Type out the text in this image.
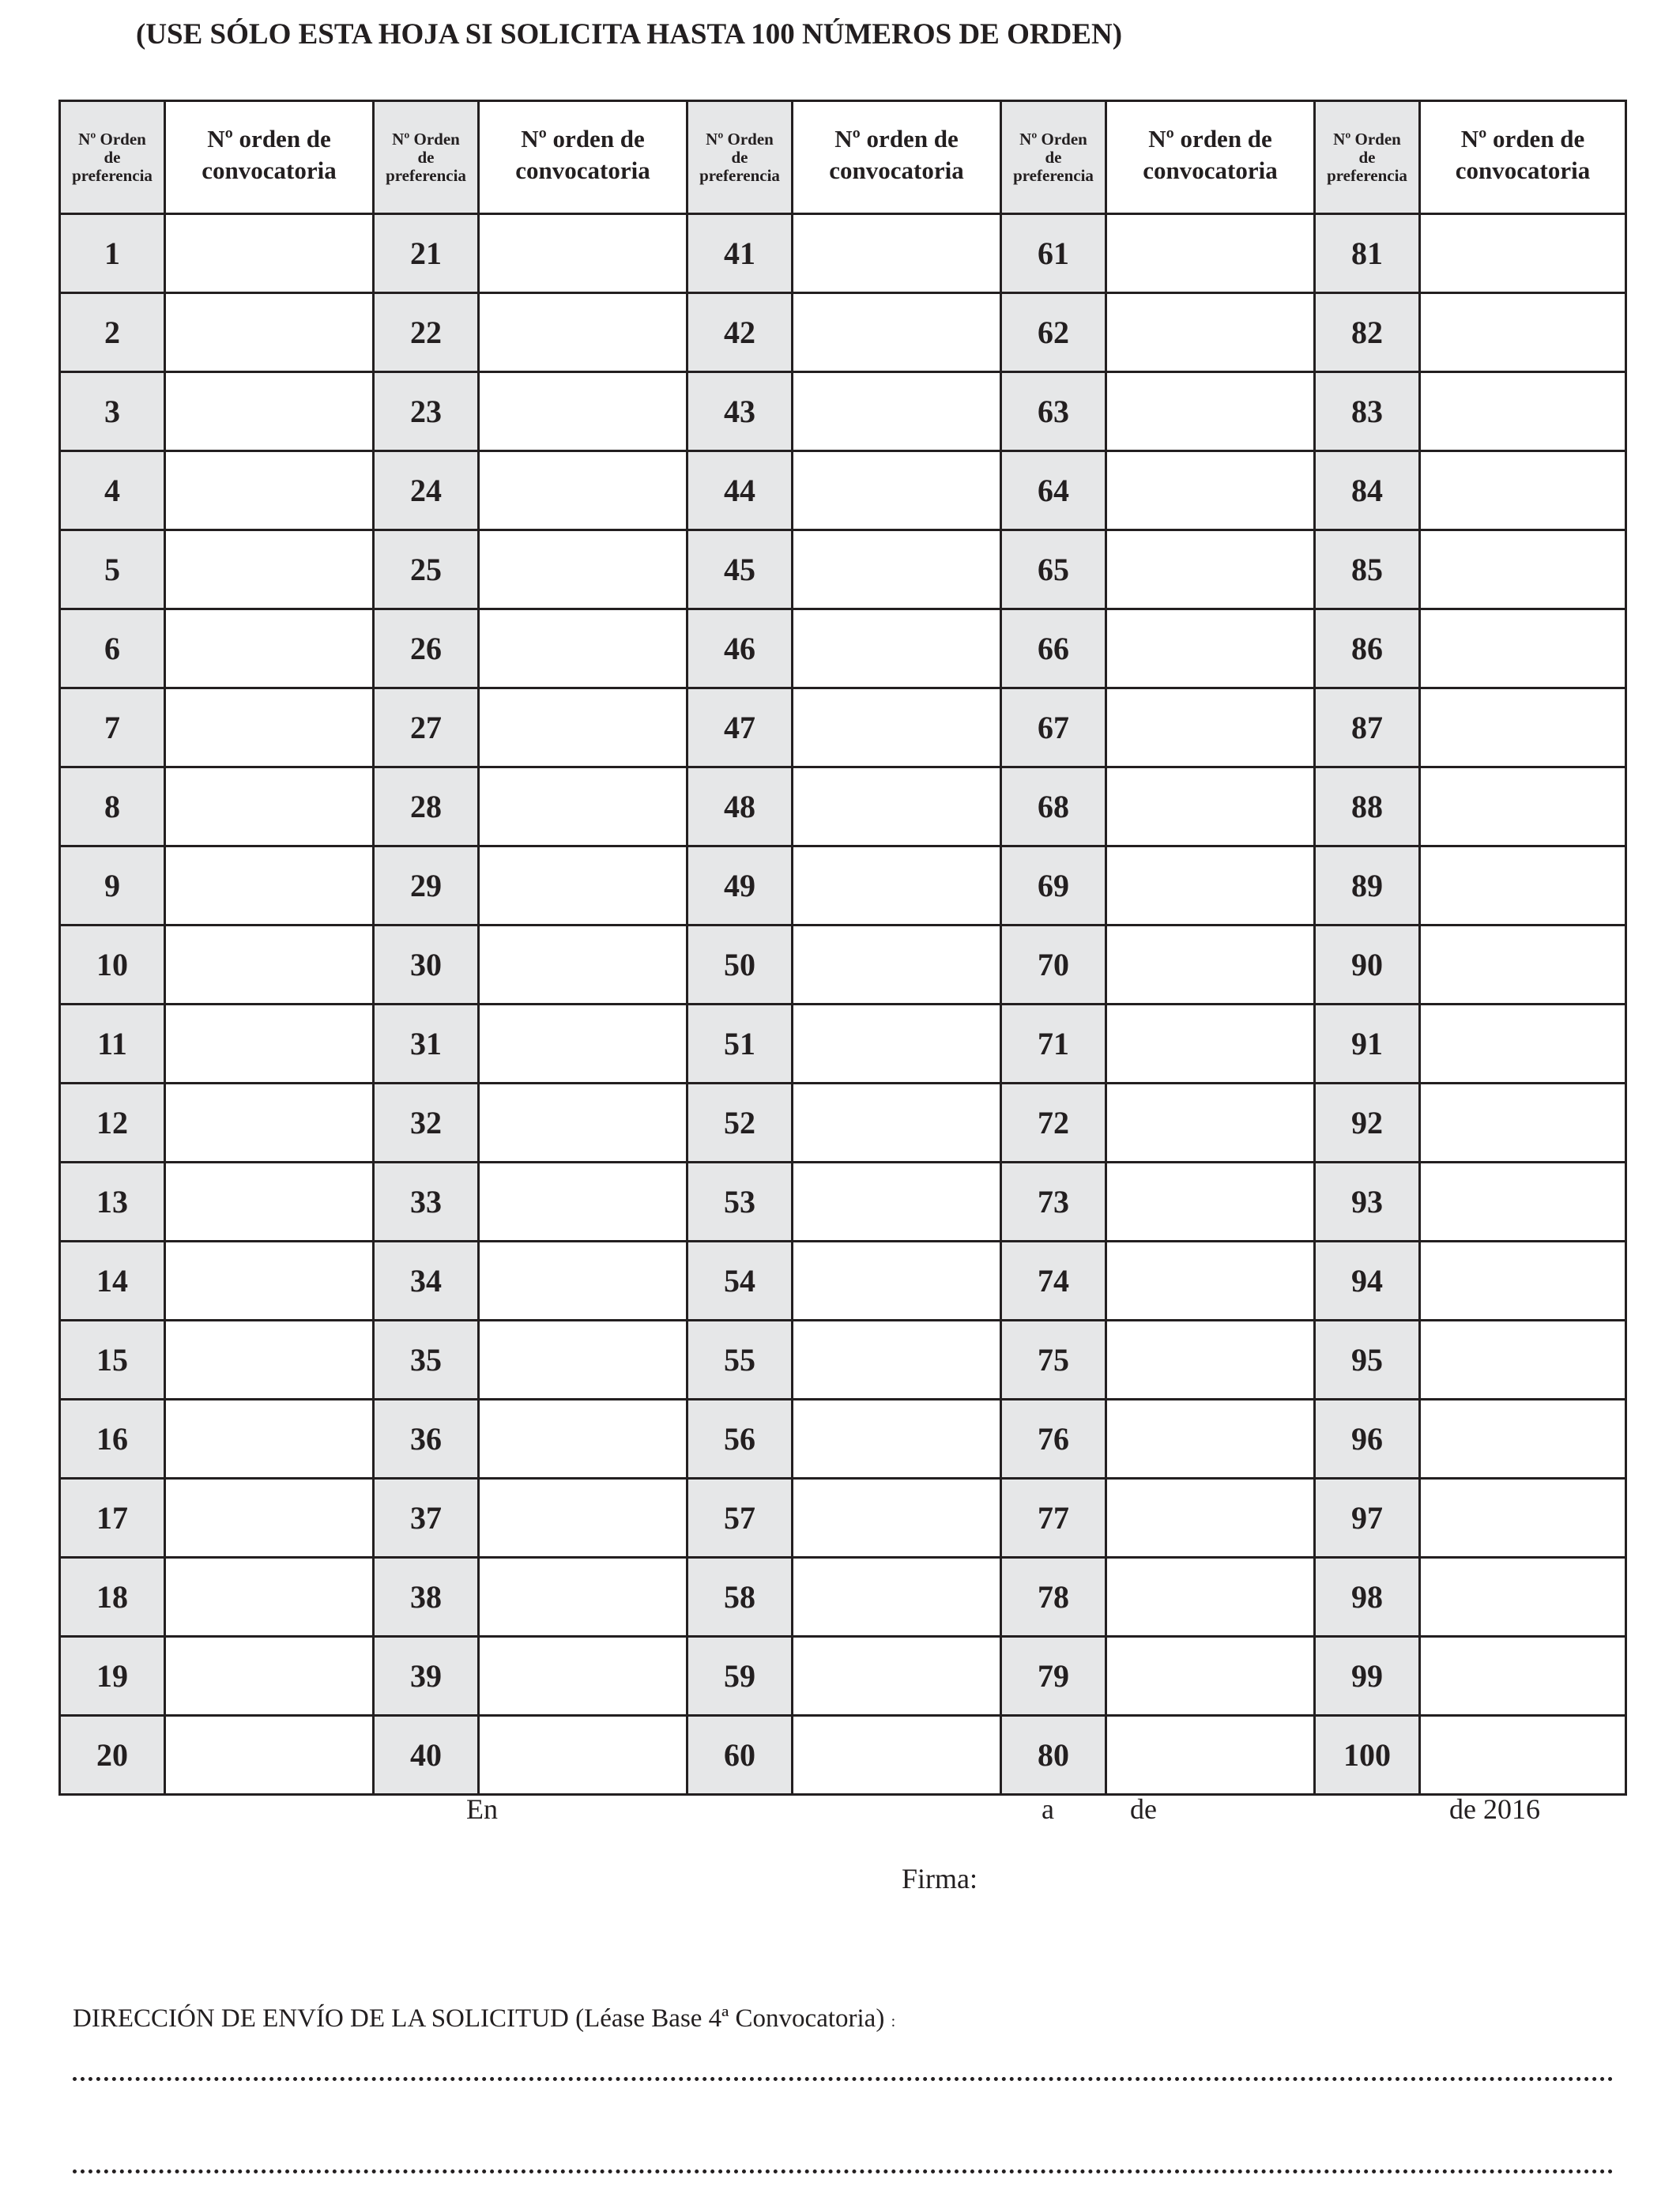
(USE SÓLO ESTA HOJA SI SOLICITA HASTA 100 NÚMEROS DE ORDEN)
Nº Orden
de
preferencia	Nº orden de
convocatoria	Nº Orden
de
preferencia	Nº orden de
convocatoria	Nº Orden
de
preferencia	Nº orden de
convocatoria	Nº Orden
de
preferencia	Nº orden de
convocatoria	Nº Orden
de
preferencia	Nº orden de
convocatoria

1		21		41		61		81	
2		22		42		62		82	
3		23		43		63		83	
4		24		44		64		84	
5		25		45		65		85	
6		26		46		66		86	
7		27		47		67		87	
8		28		48		68		88	
9		29		49		69		89	
10		30		50		70		90	
11		31		51		71		91	
12		32		52		72		92	
13		33		53		73		93	
14		34		54		74		94	
15		35		55		75		95	
16		36		56		76		96	
17		37		57		77		97	
18		38		58		78		98	
19		39		59		79		99	
20		40		60		80		100	
En	a	de	de 2016
Firma:
DIRECCIÓN DE ENVÍO DE LA SOLICITUD (Léase Base 4ª Convocatoria) :
